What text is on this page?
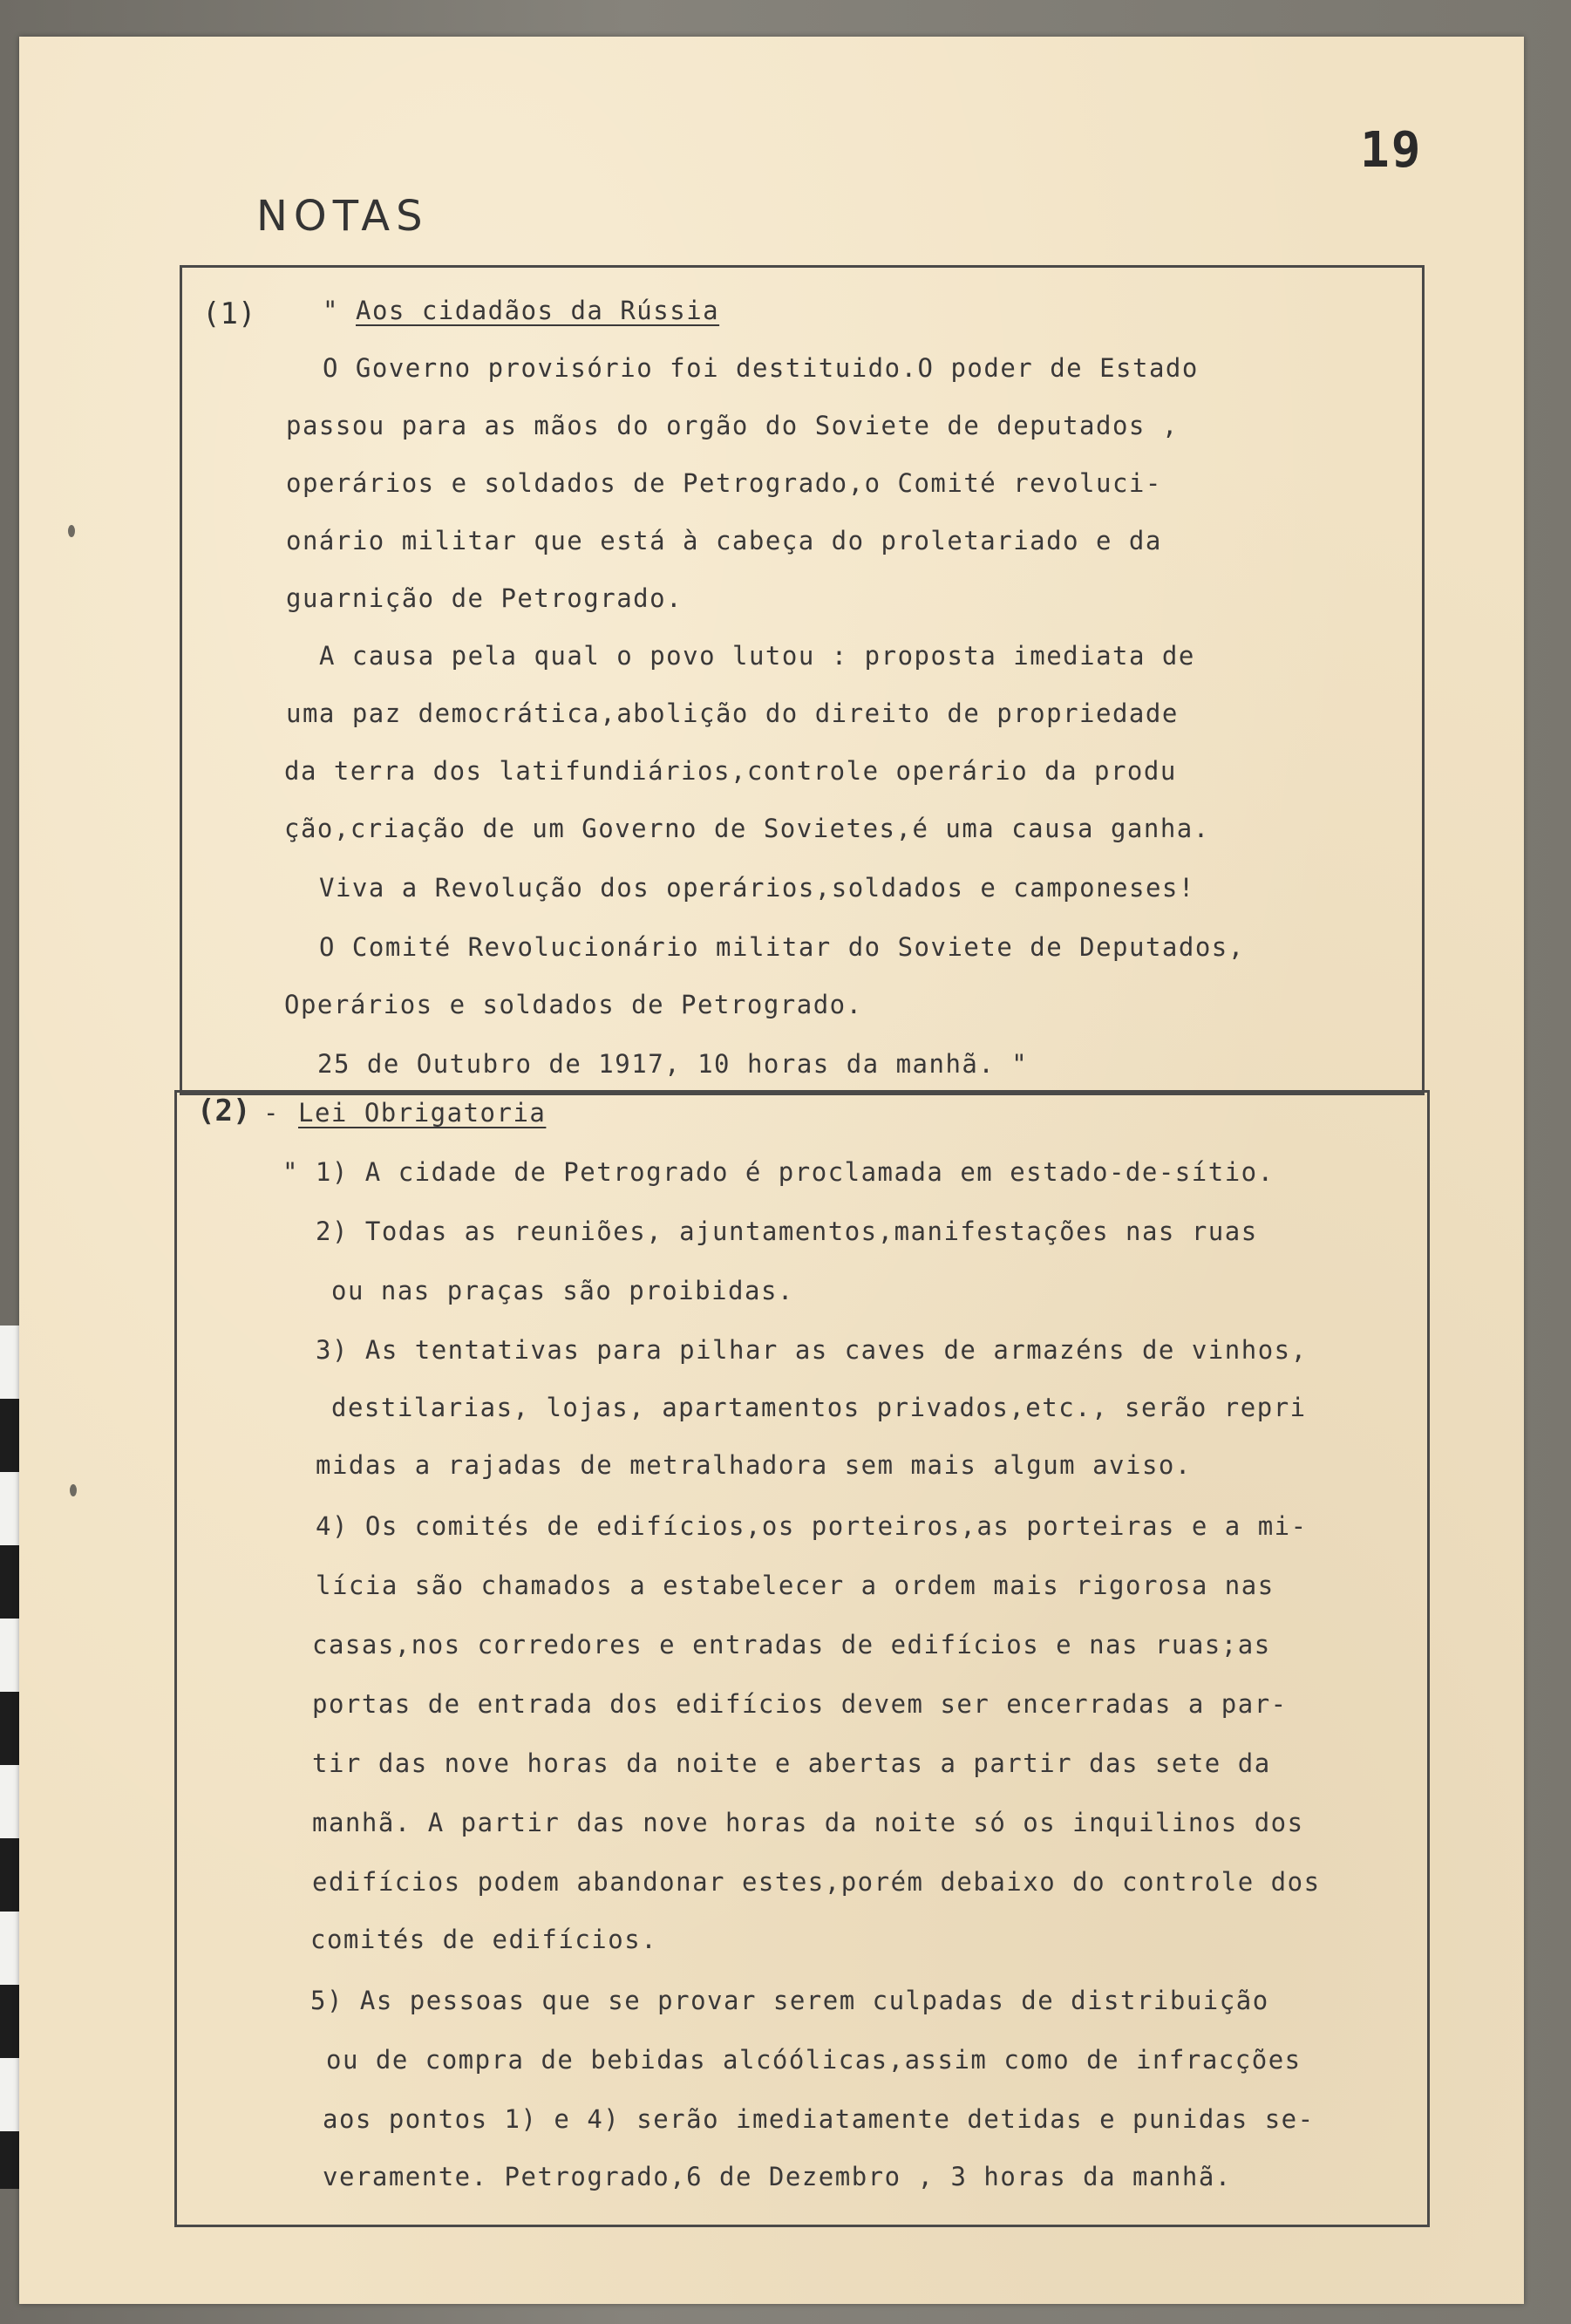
19
NOTAS
(1)	" Aos cidadãos da Rússia
O Governo provisório foi destituido.O poder de Estado
passou para as mãos do orgão do Soviete de deputados ,
operários e soldados de Petrogrado,o Comité revoluci-
onário militar que está à cabeça do proletariado e da
guarnição de Petrogrado.
A causa pela qual o povo lutou : proposta imediata de
uma paz democrática,abolição do direito de propriedade
da terra dos latifundiários,controle operário da produ
ção,criação de um Governo de Sovietes,é uma causa ganha.
Viva a Revolução dos operários,soldados e camponeses!
O Comité Revolucionário militar do Soviete de Deputados,
Operários e soldados de Petrogrado.
25 de Outubro de 1917, 10 horas da manhã. "
(2) - Lei Obrigatoria
" 1) A cidade de Petrogrado é proclamada em estado-de-sítio.
2) Todas as reuniões, ajuntamentos,manifestações nas ruas
ou nas praças são proibidas.
3) As tentativas para pilhar as caves de armazéns de vinhos,
destilarias, lojas, apartamentos privados,etc., serão repri
midas a rajadas de metralhadora sem mais algum aviso.
4) Os comités de edifícios,os porteiros,as porteiras e a mi-
lícia são chamados a estabelecer a ordem mais rigorosa nas
casas,nos corredores e entradas de edifícios e nas ruas;as
portas de entrada dos edifícios devem ser encerradas a par-
tir das nove horas da noite e abertas a partir das sete da
manhã. A partir das nove horas da noite só os inquilinos dos
edifícios podem abandonar estes,porém debaixo do controle dos
comités de edifícios.
5) As pessoas que se provar serem culpadas de distribuição
ou de compra de bebidas alcóólicas,assim como de infracções
aos pontos 1) e 4) serão imediatamente detidas e punidas se-
veramente. Petrogrado,6 de Dezembro , 3 horas da manhã.
